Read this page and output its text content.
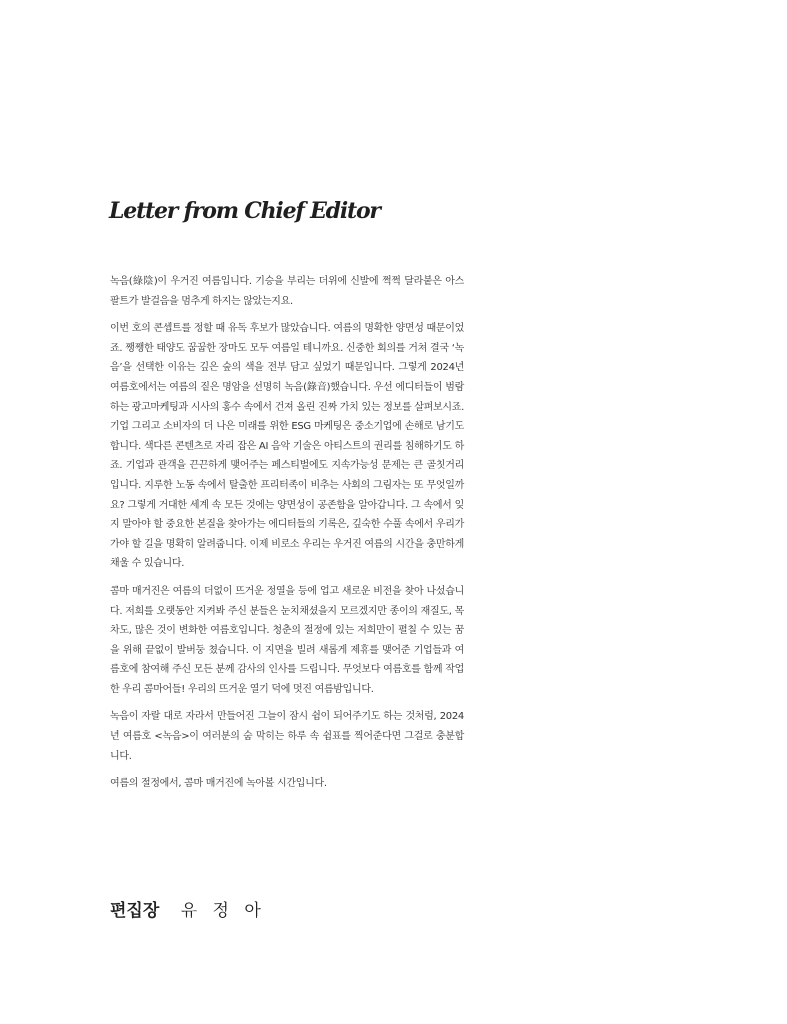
Letter from Chief Editor

녹음(綠陰)이 우거진 여름입니다. 기승을 부리는 더위에 신발에 쩍쩍 달라붙은 아스팔트가 발걸음을 멈추게 하지는 않았는지요.

이번 호의 콘셉트를 정할 때 유독 후보가 많았습니다. 여름의 명확한 양면성 때문이었죠. 쨍쨍한 태양도 꿉꿉한 장마도 모두 여름일 테니까요. 신중한 회의를 거쳐 결국 ‘녹음’을 선택한 이유는 깊은 숲의 색을 전부 담고 싶었기 때문입니다. 그렇게 2024년 여름호에서는 여름의 짙은 명암을 선명히 녹음(錄音)했습니다. 우선 에디터들이 범람하는 광고마케팅과 시사의 홍수 속에서 건져 올린 진짜 가치 있는 정보를 살펴보시죠. 기업 그리고 소비자의 더 나은 미래를 위한 ESG 마케팅은 중소기업에 손해로 남기도 합니다. 색다른 콘텐츠로 자리 잡은 AI 음악 기술은 아티스트의 권리를 침해하기도 하죠. 기업과 관객을 끈끈하게 맺어주는 페스티벌에도 지속가능성 문제는 큰 골칫거리입니다. 지루한 노동 속에서 탈출한 프리터족이 비추는 사회의 그림자는 또 무엇일까요? 그렇게 거대한 세계 속 모든 것에는 양면성이 공존함을 알아갑니다. 그 속에서 잊지 말아야 할 중요한 본질을 찾아가는 에디터들의 기록은, 깊숙한 수풀 속에서 우리가 가야 할 길을 명확히 알려줍니다. 이제 비로소 우리는 우거진 여름의 시간을 충만하게 채울 수 있습니다.

콤마 매거진은 여름의 더없이 뜨거운 정열을 등에 업고 새로운 비전을 찾아 나섰습니다. 저희를 오랫동안 지켜봐 주신 분들은 눈치채셨을지 모르겠지만 종이의 재질도, 목차도, 많은 것이 변화한 여름호입니다. 청춘의 절정에 있는 저희만이 펼칠 수 있는 꿈을 위해 끝없이 발버둥 쳤습니다. 이 지면을 빌려 새롭게 제휴를 맺어준 기업들과 여름호에 참여해 주신 모든 분께 감사의 인사를 드립니다. 무엇보다 여름호를 함께 작업한 우리 콤마어들! 우리의 뜨거운 열기 덕에 멋진 여름밤입니다.

녹음이 자랄 대로 자라서 만들어진 그늘이 잠시 쉼이 되어주기도 하는 것처럼, 2024년 여름호 <녹음>이 여러분의 숨 막히는 하루 속 쉼표를 찍어준다면 그걸로 충분합니다.

여름의 절정에서, 콤마 매거진에 녹아볼 시간입니다.

편집장 유 정 아
